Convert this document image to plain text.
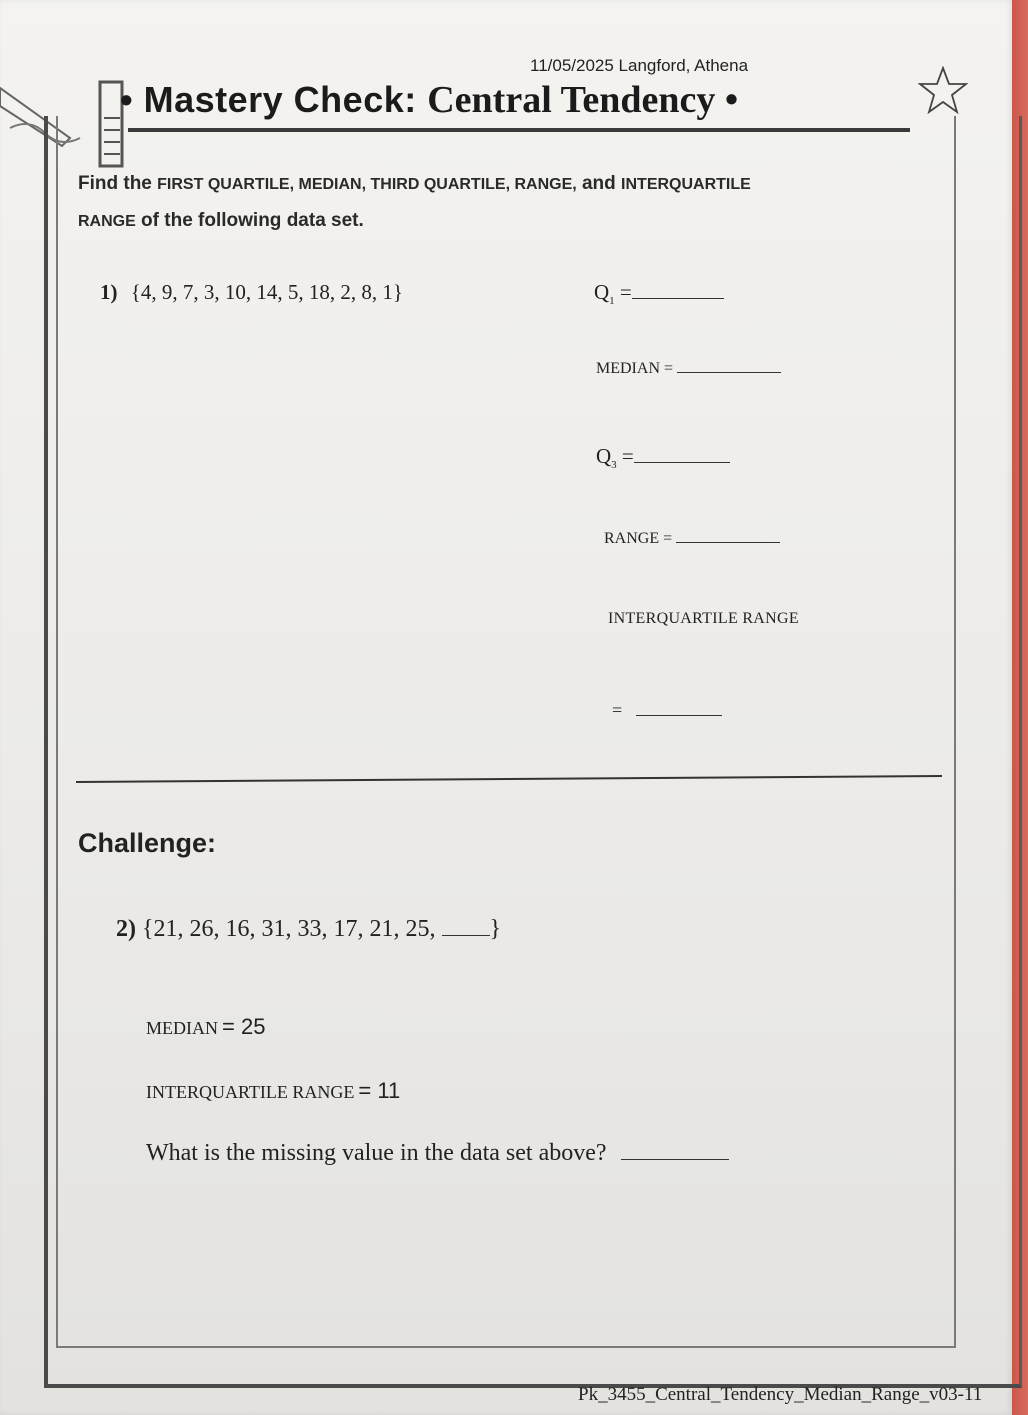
11/05/2025 Langford, Athena
• Mastery Check: Central Tendency •
Find the FIRST QUARTILE, MEDIAN, THIRD QUARTILE, RANGE, and INTERQUARTILE
RANGE of the following data set.
1) {4, 9, 7, 3, 10, 14, 5, 18, 2, 8, 1}	$Q_1$ =
MEDIAN =
$Q_3$ =
RANGE =
INTERQUARTILE RANGE
=
Challenge:
2) {21, 26, 16, 31, 33, 17, 21, 25, }
MEDIAN = 25
INTERQUARTILE RANGE = 11
What is the missing value in the data set above?
Pk_3455_Central_Tendency_Median_Range_v03-11
